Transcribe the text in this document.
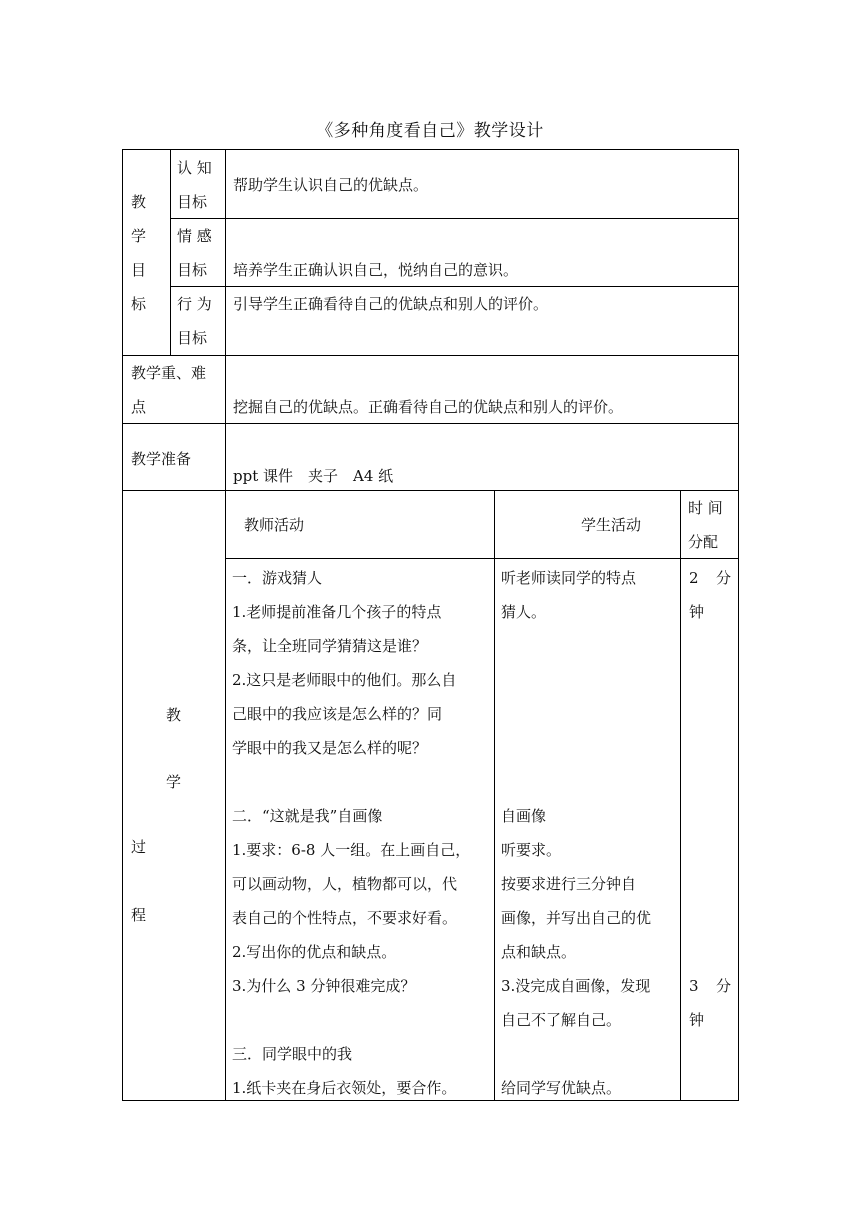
《多种角度看自己》教学设计
教
学
目
标
认 知
目标
帮助学生认识自己的优缺点。
情 感
目标 培养学生正确认识自己，悦纳自己的意识。
行 为
目标
引导学生正确看待自己的优缺点和别人的评价。
教学重、难
点	挖掘自己的优缺点。正确看待自己的优缺点和别人的评价。
教学准备
ppt 课件　夹子　A4 纸
教
学
过
程
教师活动	学生活动
时 间
分配
一．游戏猜人
1.老师提前准备几个孩子的特点
条，让全班同学猜猜这是谁？
2.这只是老师眼中的他们。那么自
己眼中的我应该是怎么样的？同
学眼中的我又是怎么样的呢？
二．“这就是我”自画像
1.要求：6-8 人一组。在上画自己，
可以画动物，人，植物都可以，代
表自己的个性特点，不要求好看。
2.写出你的优点和缺点。
3.为什么 3 分钟很难完成？
三．同学眼中的我
1.纸卡夹在身后衣领处，要合作。
听老师读同学的特点
猜人。
自画像
听要求。
按要求进行三分钟自
画像，并写出自己的优
点和缺点。
3.没完成自画像，发现
自己不了解自己。
给同学写优缺点。
2 分
钟
3 分
钟
